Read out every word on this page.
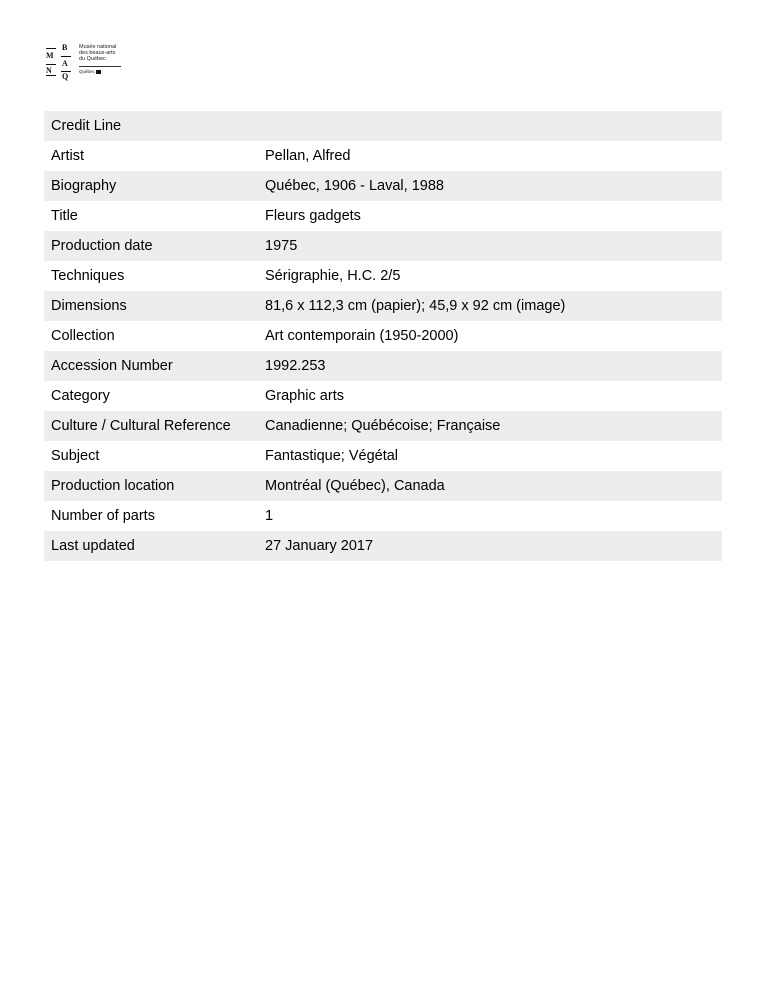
B
M
A
N
Q
Musée national
des beaux-arts
du Québec
Québec
Credit Line	
Artist	Pellan, Alfred
Biography	Québec, 1906 - Laval, 1988
Title	Fleurs gadgets
Production date	1975
Techniques	Sérigraphie, H.C. 2/5
Dimensions	81,6 x 112,3 cm (papier); 45,9 x 92 cm (image)
Collection	Art contemporain (1950-2000)
Accession Number	1992.253
Category	Graphic arts
Culture / Cultural Reference	Canadienne; Québécoise; Française
Subject	Fantastique; Végétal
Production location	Montréal (Québec), Canada
Number of parts	1
Last updated	27 January 2017
